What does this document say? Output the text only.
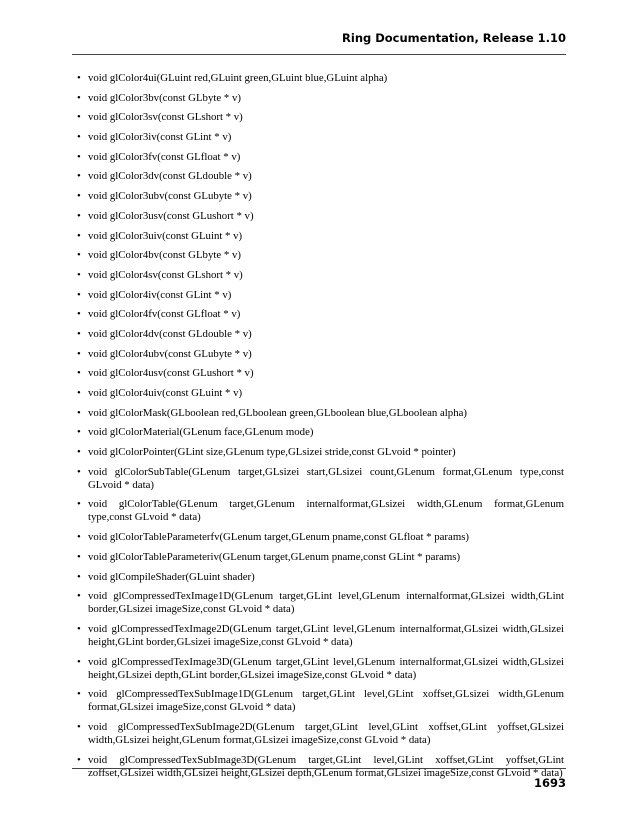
Ring Documentation, Release 1.10
• void glColor4ui(GLuint red,GLuint green,GLuint blue,GLuint alpha)
• void glColor3bv(const GLbyte * v)
• void glColor3sv(const GLshort * v)
• void glColor3iv(const GLint * v)
• void glColor3fv(const GLfloat * v)
• void glColor3dv(const GLdouble * v)
• void glColor3ubv(const GLubyte * v)
• void glColor3usv(const GLushort * v)
• void glColor3uiv(const GLuint * v)
• void glColor4bv(const GLbyte * v)
• void glColor4sv(const GLshort * v)
• void glColor4iv(const GLint * v)
• void glColor4fv(const GLfloat * v)
• void glColor4dv(const GLdouble * v)
• void glColor4ubv(const GLubyte * v)
• void glColor4usv(const GLushort * v)
• void glColor4uiv(const GLuint * v)
• void glColorMask(GLboolean red,GLboolean green,GLboolean blue,GLboolean alpha)
• void glColorMaterial(GLenum face,GLenum mode)
• void glColorPointer(GLint size,GLenum type,GLsizei stride,const GLvoid * pointer)
• void glColorSubTable(GLenum target,GLsizei start,GLsizei count,GLenum format,GLenum type,const GLvoid * data)
• void glColorTable(GLenum target,GLenum internalformat,GLsizei width,GLenum format,GLenum type,const GLvoid * data)
• void glColorTableParameterfv(GLenum target,GLenum pname,const GLfloat * params)
• void glColorTableParameteriv(GLenum target,GLenum pname,const GLint * params)
• void glCompileShader(GLuint shader)
• void glCompressedTexImage1D(GLenum target,GLint level,GLenum internalformat,GLsizei width,GLint border,GLsizei imageSize,const GLvoid * data)
• void glCompressedTexImage2D(GLenum target,GLint level,GLenum internalformat,GLsizei width,GLsizei height,GLint border,GLsizei imageSize,const GLvoid * data)
• void glCompressedTexImage3D(GLenum target,GLint level,GLenum internalformat,GLsizei width,GLsizei height,GLsizei depth,GLint border,GLsizei imageSize,const GLvoid * data)
• void glCompressedTexSubImage1D(GLenum target,GLint level,GLint xoffset,GLsizei width,GLenum format,GLsizei imageSize,const GLvoid * data)
• void glCompressedTexSubImage2D(GLenum target,GLint level,GLint xoffset,GLint yoffset,GLsizei width,GLsizei height,GLenum format,GLsizei imageSize,const GLvoid * data)
• void glCompressedTexSubImage3D(GLenum target,GLint level,GLint xoffset,GLint yoffset,GLint zoffset,GLsizei width,GLsizei height,GLsizei depth,GLenum format,GLsizei imageSize,const GLvoid * data)
1693
